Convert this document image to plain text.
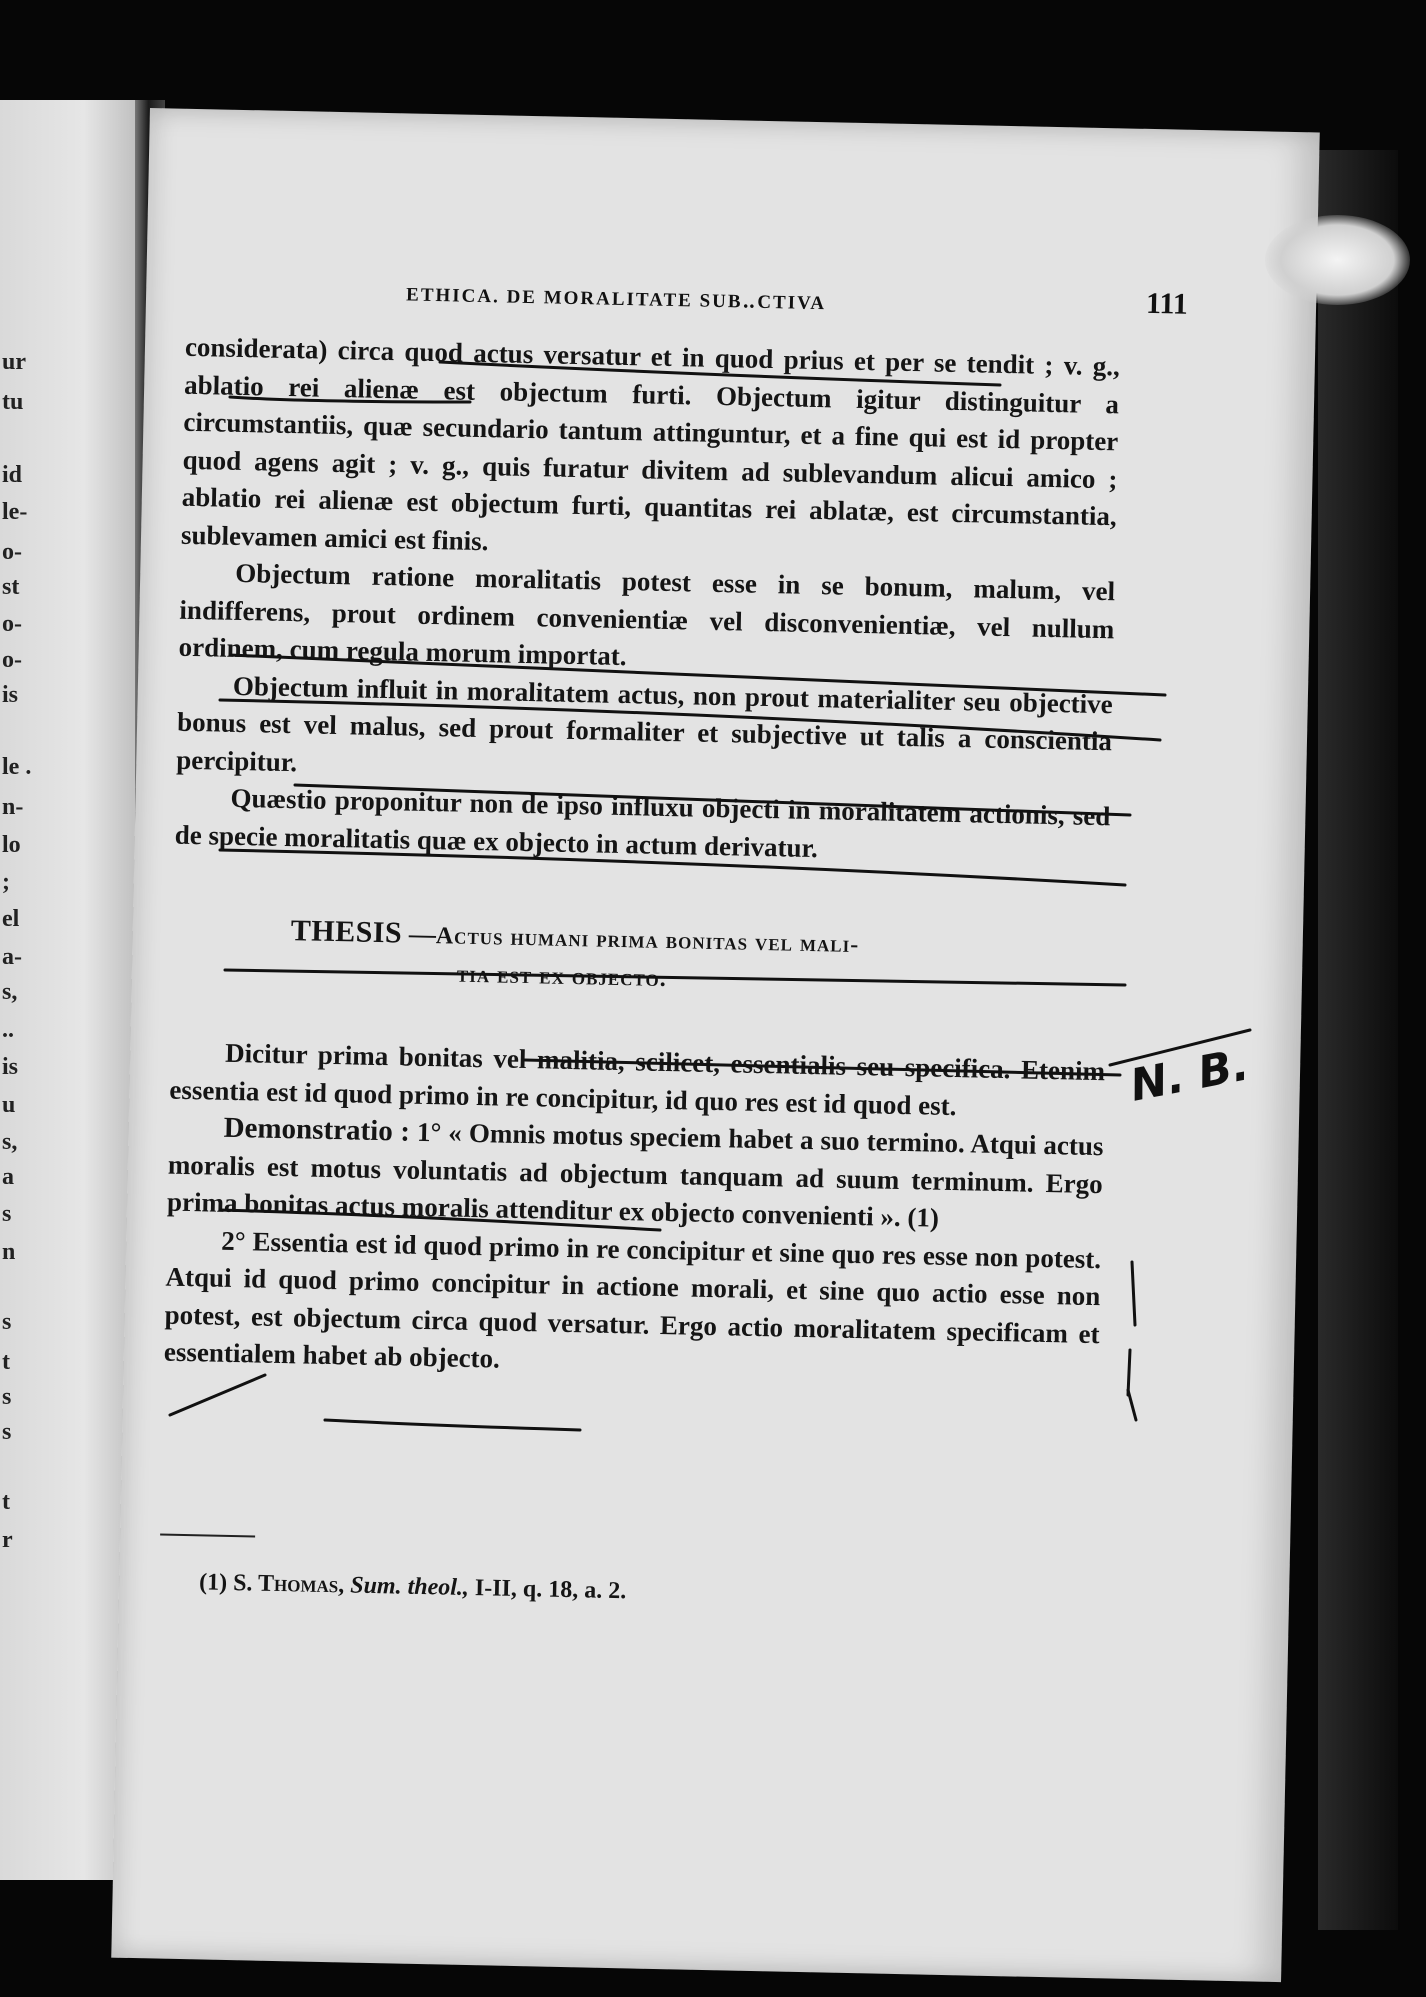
ur
tu
id
le-
o-
st
o-
o-
is
le .
n-
lo
;
el
a-
s,
..
is
u
s,
a
s
n
s
t
s
s
t
r
ETHICA. DE MORALITATE SUB‥CTIVA	111

considerata) circa quod actus versatur et in quod prius et per se tendit ; v. g., ablatio rei alienæ est objectum furti. Objectum igitur distinguitur a circumstantiis, quæ secundario tantum attinguntur, et a fine qui est id propter quod agens agit ; v. g., quis furatur divitem ad sublevandum alicui amico ; ablatio rei alienæ est objectum furti, quantitas rei ablatæ, est circumstantia, sublevamen amici est finis.

Objectum ratione moralitatis potest esse in se bonum, malum, vel indifferens, prout ordinem convenientiæ vel disconvenientiæ, vel nullum ordinem, cum regula morum importat.

Objectum influit in moralitatem actus, non prout materialiter seu objective bonus est vel malus, sed prout formaliter et subjective ut talis a conscientia percipitur.

Quæstio proponitur non de ipso influxu objecti in moralitatem actionis, sed de specie moralitatis quæ ex objecto in actum derivatur.

THESIS —Actus humani prima bonitas vel mali-
tia est ex objecto.

Dicitur prima bonitas vel malitia, scilicet, essentialis seu specifica. Etenim essentia est id quod primo in re concipitur, id quo res est id quod est.

Demonstratio : 1° « Omnis motus speciem habet a suo termino. Atqui actus moralis est motus voluntatis ad objectum tanquam ad suum terminum. Ergo prima bonitas actus moralis attenditur ex objecto convenienti ». (1)

2° Essentia est id quod primo in re concipitur et sine quo res esse non potest. Atqui id quod primo concipitur in actione morali, et sine quo actio esse non potest, est objectum circa quod versatur. Ergo actio moralitatem specificam et essentialem habet ab objecto.

(1) S. Thomas, Sum. theol., I-II, q. 18, a. 2.
N. B.
